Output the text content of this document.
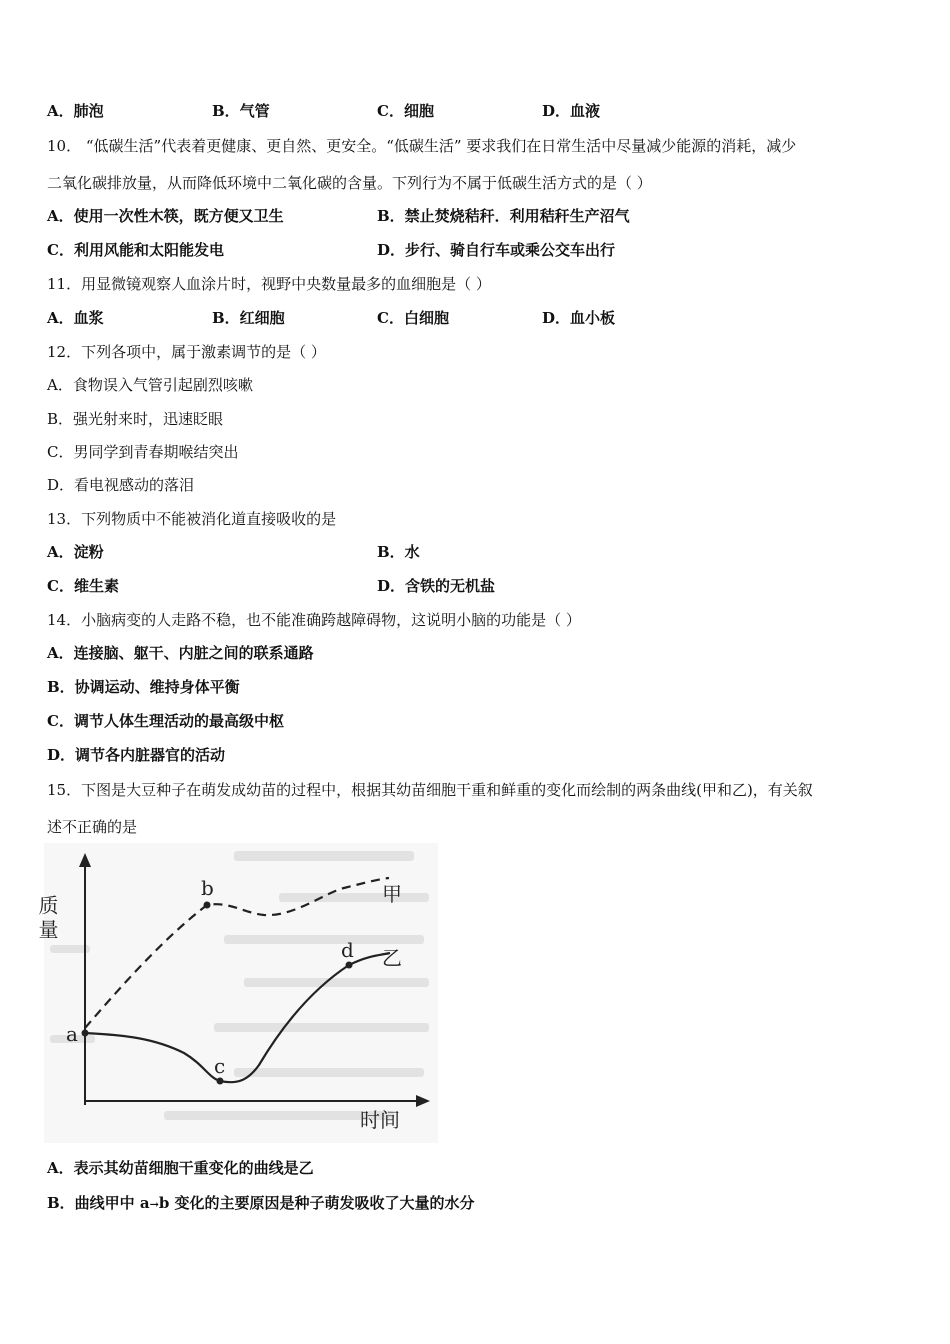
A．肺泡	B．气管	C．细胞	D．血液
10． “低碳生活”代表着更健康、更自然、更安全。“低碳生活” 要求我们在日常生活中尽量减少能源的消耗，减少
二氧化碳排放量，从而降低环境中二氧化碳的含量。下列行为不属于低碳生活方式的是（ ）
A．使用一次性木筷，既方便又卫生	B．禁止焚烧秸秆．利用秸秆生产沼气
C．利用风能和太阳能发电	D．步行、骑自行车或乘公交车出行
11．用显微镜观察人血涂片时，视野中央数量最多的血细胞是（ ）
A．血浆	B．红细胞	C．白细胞	D．血小板
12．下列各项中，属于激素调节的是（ ）
A．食物误入气管引起剧烈咳嗽
B．强光射来时，迅速眨眼
C．男同学到青春期喉结突出
D．看电视感动的落泪
13．下列物质中不能被消化道直接吸收的是
A．淀粉	B．水
C．维生素	D．含铁的无机盐
14．小脑病变的人走路不稳，也不能准确跨越障碍物，这说明小脑的功能是（ ）
A．连接脑、躯干、内脏之间的联系通路
B．协调运动、维持身体平衡
C．调节人体生理活动的最高级中枢
D．调节各内脏器官的活动
15．下图是大豆种子在萌发成幼苗的过程中，根据其幼苗细胞干重和鲜重的变化而绘制的两条曲线(甲和乙)，有关叙
述不正确的是
质量
时间
甲
乙
a
b
c
d
A．表示其幼苗细胞干重变化的曲线是乙
B．曲线甲中 a→b 变化的主要原因是种子萌发吸收了大量的水分
